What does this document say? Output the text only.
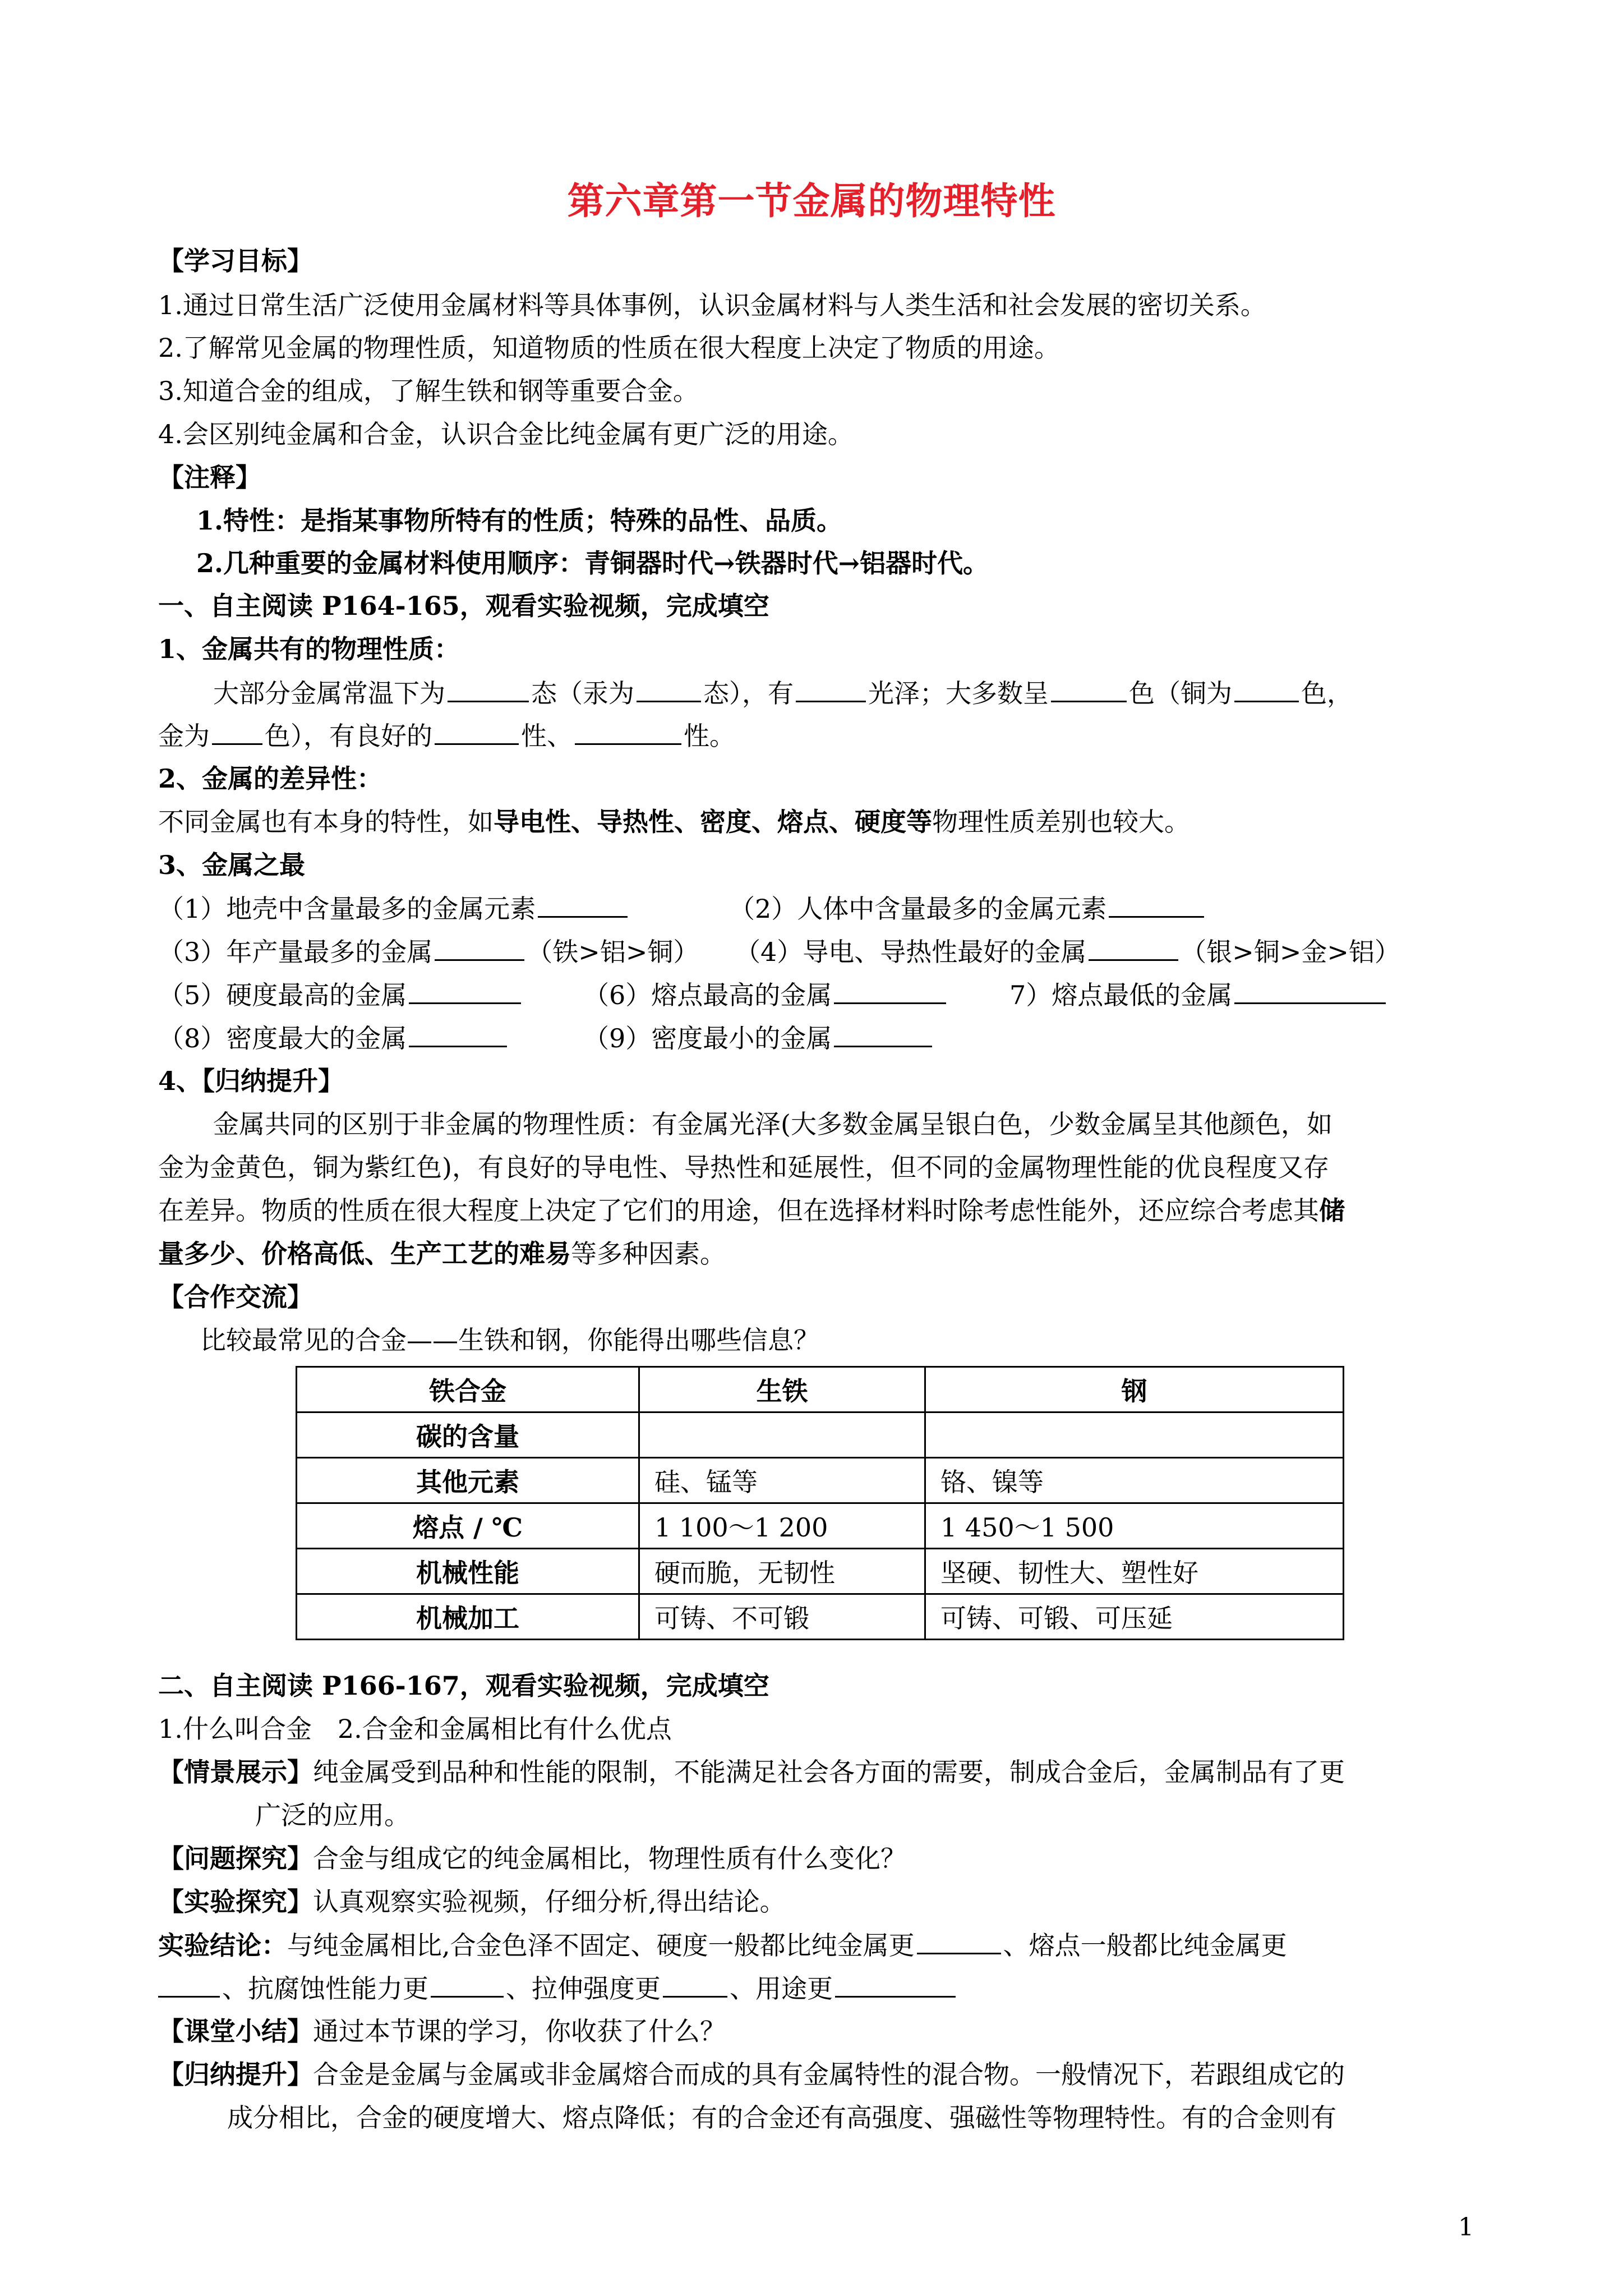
第六章第一节金属的物理特性
【学习目标】
1.通过日常生活广泛使用金属材料等具体事例，认识金属材料与人类生活和社会发展的密切关系。
2.了解常见金属的物理性质，知道物质的性质在很大程度上决定了物质的用途。
3.知道合金的组成，了解生铁和钢等重要合金。
4.会区别纯金属和合金，认识合金比纯金属有更广泛的用途。
【注释】
1.特性：是指某事物所特有的性质；特殊的品性、品质。
2.几种重要的金属材料使用顺序：青铜器时代→铁器时代→铝器时代。
一、自主阅读 P164-165，观看实验视频，完成填空
1、金属共有的物理性质：
大部分金属常温下为	态（汞为	态），有	光泽；大多数呈	色（铜为	色，
金为 色），有良好的	性、	性。
2、金属的差异性：
不同金属也有本身的特性，如导电性、导热性、密度、熔点、硬度等物理性质差别也较大。
3、金属之最
（1）地壳中含量最多的金属元素	（2）人体中含量最多的金属元素
（3）年产量最多的金属	（铁>铝>铜） （4）导电、导热性最好的金属	（银>铜>金>铝）
（5）硬度最高的金属	（6）熔点最高的金属	7）熔点最低的金属
（8）密度最大的金属	（9）密度最小的金属
4、【归纳提升】
金属共同的区别于非金属的物理性质：有金属光泽(大多数金属呈银白色，少数金属呈其他颜色，如
金为金黄色，铜为紫红色)，有良好的导电性、导热性和延展性，但不同的金属物理性能的优良程度又存
在差异。物质的性质在很大程度上决定了它们的用途，但在选择材料时除考虑性能外，还应综合考虑其储
量多少、价格高低、生产工艺的难易等多种因素。
【合作交流】
比较最常见的合金——生铁和钢，你能得出哪些信息？
铁合金	生铁	钢
碳的含量		
其他元素	硅、锰等	铬、镍等
熔点 / ℃	1 100～1 200	1 450～1 500
机械性能	硬而脆，无韧性	坚硬、韧性大、塑性好
机械加工	可铸、不可锻	可铸、可锻、可压延
二、自主阅读 P166-167，观看实验视频，完成填空
1.什么叫合金　2.合金和金属相比有什么优点
【情景展示】纯金属受到品种和性能的限制，不能满足社会各方面的需要，制成合金后，金属制品有了更
广泛的应用。
【问题探究】合金与组成它的纯金属相比，物理性质有什么变化？
【实验探究】认真观察实验视频，仔细分析,得出结论。
实验结论：与纯金属相比,合金色泽不固定、硬度一般都比纯金属更	、熔点一般都比纯金属更
、抗腐蚀性能力更	、拉伸强度更	、用途更
【课堂小结】通过本节课的学习，你收获了什么？
【归纳提升】合金是金属与金属或非金属熔合而成的具有金属特性的混合物。一般情况下，若跟组成它的
成分相比，合金的硬度增大、熔点降低；有的合金还有高强度、强磁性等物理特性。有的合金则有
1
